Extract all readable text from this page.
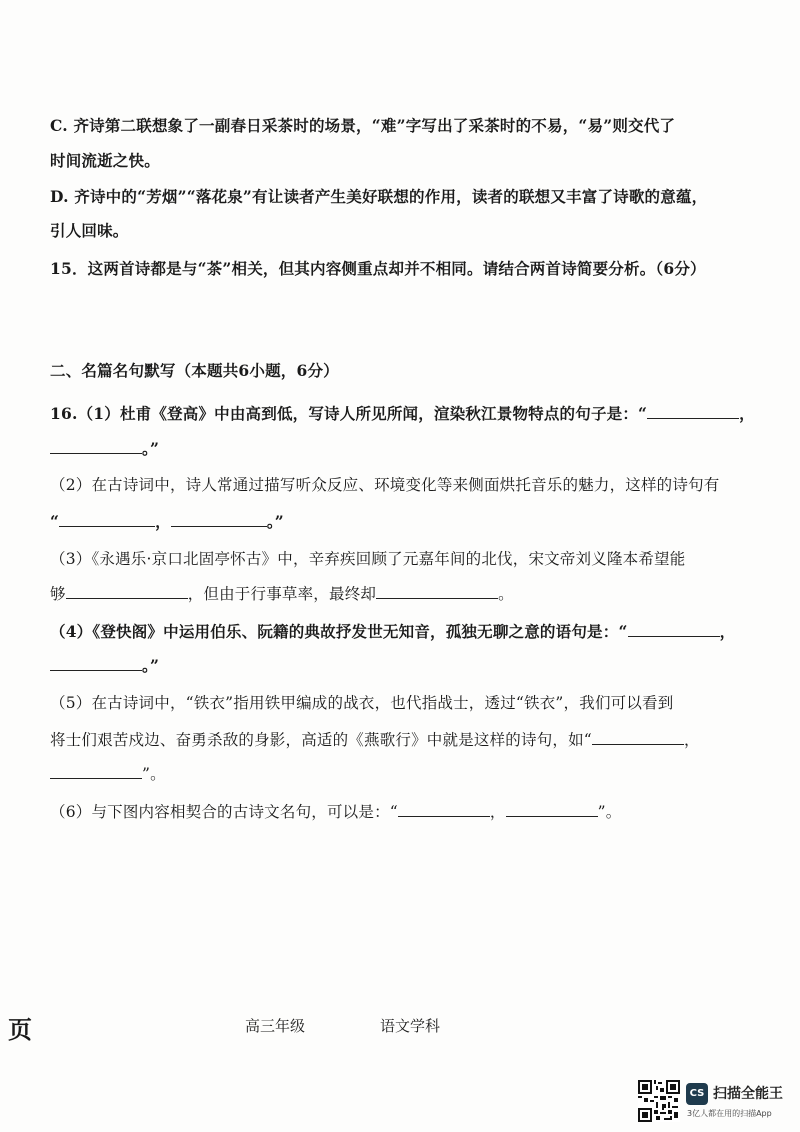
C. 齐诗第二联想象了一副春日采茶时的场景，“难”字写出了采茶时的不易，“易”则交代了
时间流逝之快。
D. 齐诗中的“芳烟”“落花泉”有让读者产生美好联想的作用，读者的联想又丰富了诗歌的意蕴，
引人回味。
15．这两首诗都是与“茶”相关，但其内容侧重点却并不相同。请结合两首诗简要分析。（6分）
二、名篇名句默写（本题共6小题，6分）
16.（1）杜甫《登高》中由高到低，写诗人所见所闻，渲染秋江景物特点的句子是：“	，
。”
（2）在古诗词中，诗人常通过描写听众反应、环境变化等来侧面烘托音乐的魅力，这样的诗句有
“	，	。”
（3）《永遇乐·京口北固亭怀古》中，辛弃疾回顾了元嘉年间的北伐，宋文帝刘义隆本希望能
够	，但由于行事草率，最终却	。
（4）《登快阁》中运用伯乐、阮籍的典故抒发世无知音，孤独无聊之意的语句是：“	，
。”
（5）在古诗词中，“铁衣”指用铁甲编成的战衣，也代指战士，透过“铁衣”，我们可以看到
将士们艰苦戍边、奋勇杀敌的身影，高适的《燕歌行》中就是这样的诗句，如“	，
”。
（6）与下图内容相契合的古诗文名句，可以是：“	，	”。
页	高三年级	语文学科
CS 扫描全能王
3亿人都在用的扫描App
